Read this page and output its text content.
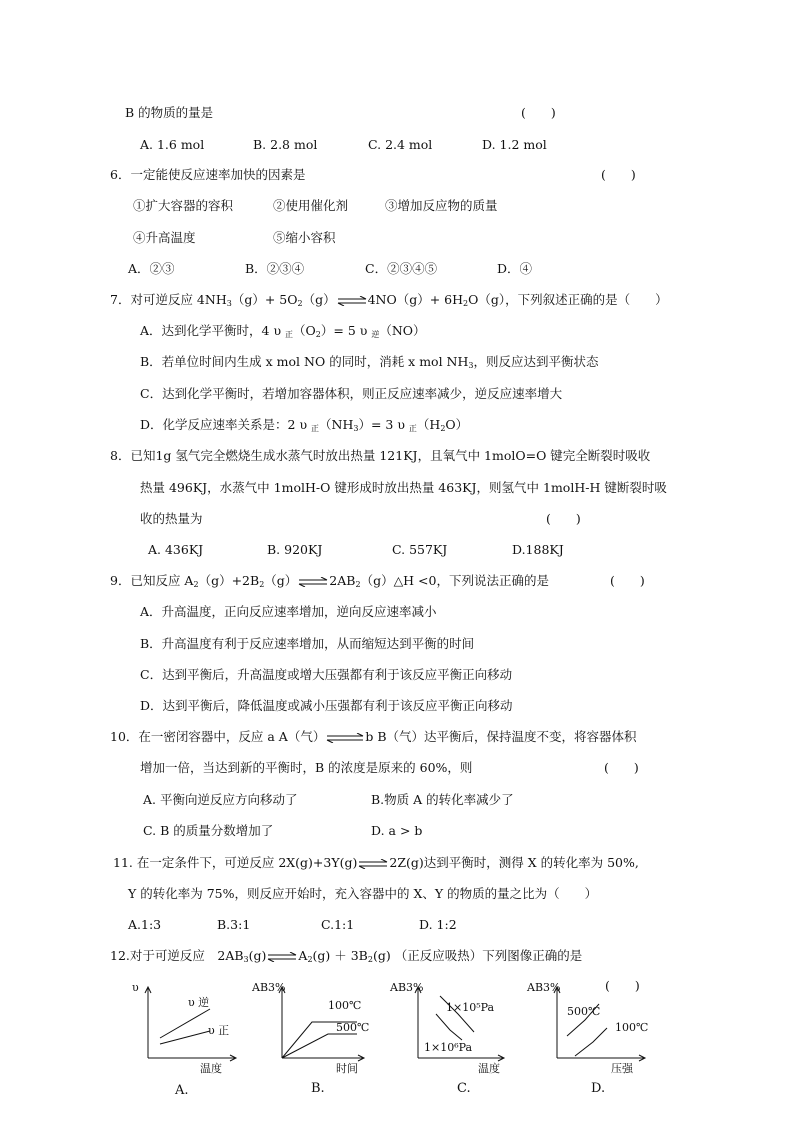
B 的物质的量是	(　　)
A. 1.6 mol	B. 2.8 mol	C. 2.4 mol	D. 1.2 mol
6．一定能使反应速率加快的因素是	(　　)
①扩大容器的容积	②使用催化剂	③增加反应物的质量
④升高温度	⑤缩小容积
A．②③	B．②③④	C．②③④⑤	D．④
7．对可逆反应 $4NH_3(g)+$ $5O_2(g)\rightleftharpoons 4NO(g)+ 6H_2O(g)$，下列叙述正确的是（　　）
A．达到化学平衡时，4 υ $_正(O_2)= 5$ υ $_逆$（NO）
B．若单位时间内生成 x mol NO 的同时，消耗 x mol $NH_3$，则反应达到平衡状态
C．达到化学平衡时，若增加容器体积，则正反应速率减少，逆反应速率增大
D．化学反应速率关系是：2 υ $_正(NH_3)= 3$ υ $_正(H_2O)$
8．已知1g 氢气完全燃烧生成水蒸气时放出热量 121KJ，且氧气中 1molO=O 键完全断裂时吸收
热量 496KJ，水蒸气中 1molH-O 键形成时放出热量 463KJ，则氢气中 1molH-H 键断裂时吸
收的热量为	(　　)
A. 436KJ	B. 920KJ	C. 557KJ	D.188KJ
9．已知反应 $A_2(g)+2B_2(g)\rightleftharpoons 2AB_2(g)\triangle H <0$，下列说法正确的是	(　　)
A．升高温度，正向反应速率增加，逆向反应速率减小
B．升高温度有利于反应速率增加，从而缩短达到平衡的时间
C．达到平衡后，升高温度或增大压强都有利于该反应平衡正向移动
D．达到平衡后，降低温度或减小压强都有利于该反应平衡正向移动
10．在一密闭容器中，反应 a A（气）⇌b B（气）达平衡后，保持温度不变，将容器体积
增加一倍，当达到新的平衡时，B 的浓度是原来的 60%，则	(　　)
A. 平衡向逆反应方向移动了	B.物质 A 的转化率减少了
C. B 的质量分数增加了	D. a > b
11. 在一定条件下，可逆反应 2X(g)+3Y(g)⇌2Z(g)达到平衡时，测得 X 的转化率为 50%,
Y 的转化率为 75%，则反应开始时，充入容器中的 X、Y 的物质的量之比为（　　）
A.1:3	B.3:1	C.1:1	D. 1:2
12.对于可逆反应　$2AB_3(g)\rightleftharpoons A_2(g) + 3B_2(g)$ （正反应吸热）下列图像正确的是
(　　)
υ
υ 逆
υ 正
温度
A.
AB3%
100℃
500℃
时间
B.
AB3%
1×10⁵Pa
1×10⁶Pa
温度
C.
AB3%
500℃
100℃
压强
D.
